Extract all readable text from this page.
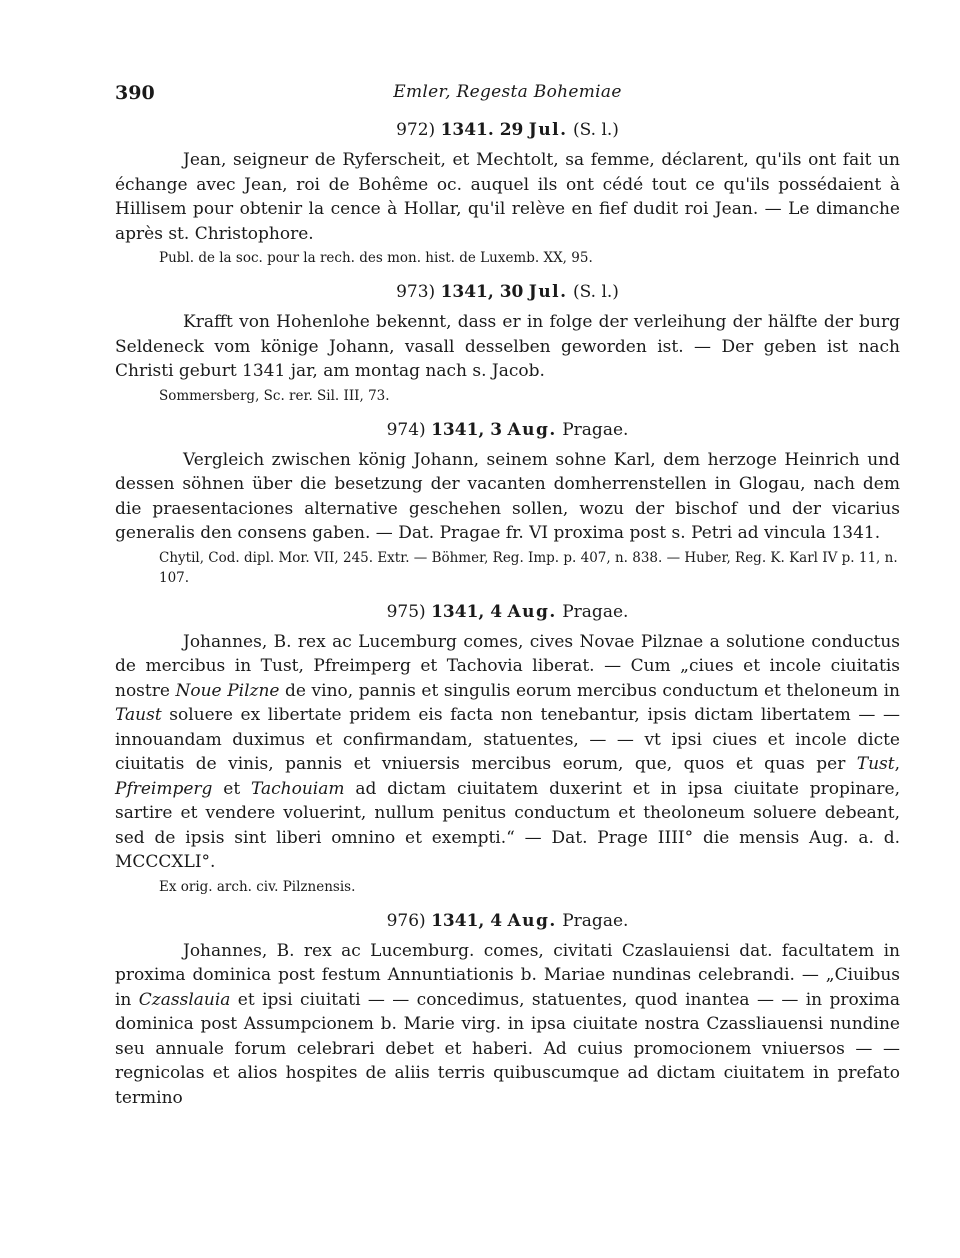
390	Emler, Regesta Bohemiae
972) 1341. 29 Jul. (S. l.)

Jean, seigneur de Ryferscheit, et Mechtolt, sa femme, déclarent, qu'ils ont fait un échange avec Jean, roi de Bohême oc. auquel ils ont cédé tout ce qu'ils possédaient à Hillisem pour obtenir la cence à Hollar, qu'il relève en fief dudit roi Jean. — Le dimanche après st. Christophore.

Publ. de la soc. pour la rech. des mon. hist. de Luxemb. XX, 95.
973) 1341, 30 Jul. (S. l.)

Krafft von Hohenlohe bekennt, dass er in folge der verleihung der hälfte der burg Seldeneck vom könige Johann, vasall desselben geworden ist. — Der geben ist nach Christi geburt 1341 jar, am montag nach s. Jacob.

Sommersberg, Sc. rer. Sil. III, 73.
974) 1341, 3 Aug. Pragae.

Vergleich zwischen könig Johann, seinem sohne Karl, dem herzoge Heinrich und dessen söhnen über die besetzung der vacanten domherrenstellen in Glogau, nach dem die praesentaciones alternative geschehen sollen, wozu der bischof und der vicarius generalis den consens gaben. — Dat. Pragae fr. VI proxima post s. Petri ad vincula 1341.

Chytil, Cod. dipl. Mor. VII, 245. Extr. — Böhmer, Reg. Imp. p. 407, n. 838. — Huber, Reg. K. Karl IV p. 11, n. 107.
975) 1341, 4 Aug. Pragae.

Johannes, B. rex ac Lucemburg comes, cives Novae Pilznae a solutione conductus de mercibus in Tust, Pfreimperg et Tachovia liberat. — Cum „ciues et incole ciuitatis nostre Noue Pilzne de vino, pannis et singulis eorum mercibus conductum et theloneum in Taust soluere ex libertate pridem eis facta non tenebantur, ipsis dictam libertatem — — innouandam duximus et confirmandam, statuentes, — — vt ipsi ciues et incole dicte ciuitatis de vinis, pannis et vniuersis mercibus eorum, que, quos et quas per Tust, Pfreimperg et Tachouiam ad dictam ciuitatem duxerint et in ipsa ciuitate propinare, sartire et vendere voluerint, nullum penitus conductum et theoloneum soluere debeant, sed de ipsis sint liberi omnino et exempti.“ — Dat. Prage IIII° die mensis Aug. a. d. MCCCXLI°.

Ex orig. arch. civ. Pilznensis.
976) 1341, 4 Aug. Pragae.

Johannes, B. rex ac Lucemburg. comes, civitati Czaslauiensi dat. facultatem in proxima dominica post festum Annuntiationis b. Mariae nundinas celebrandi. — „Ciuibus in Czasslauia et ipsi ciuitati — — concedimus, statuentes, quod inantea — — in proxima dominica post Assumpcionem b. Marie virg. in ipsa ciuitate nostra Czassliauensi nundine seu annuale forum celebrari debet et haberi. Ad cuius promocionem vniuersos — — regnicolas et alios hospites de aliis terris quibuscumque ad dictam ciuitatem in prefato termino
